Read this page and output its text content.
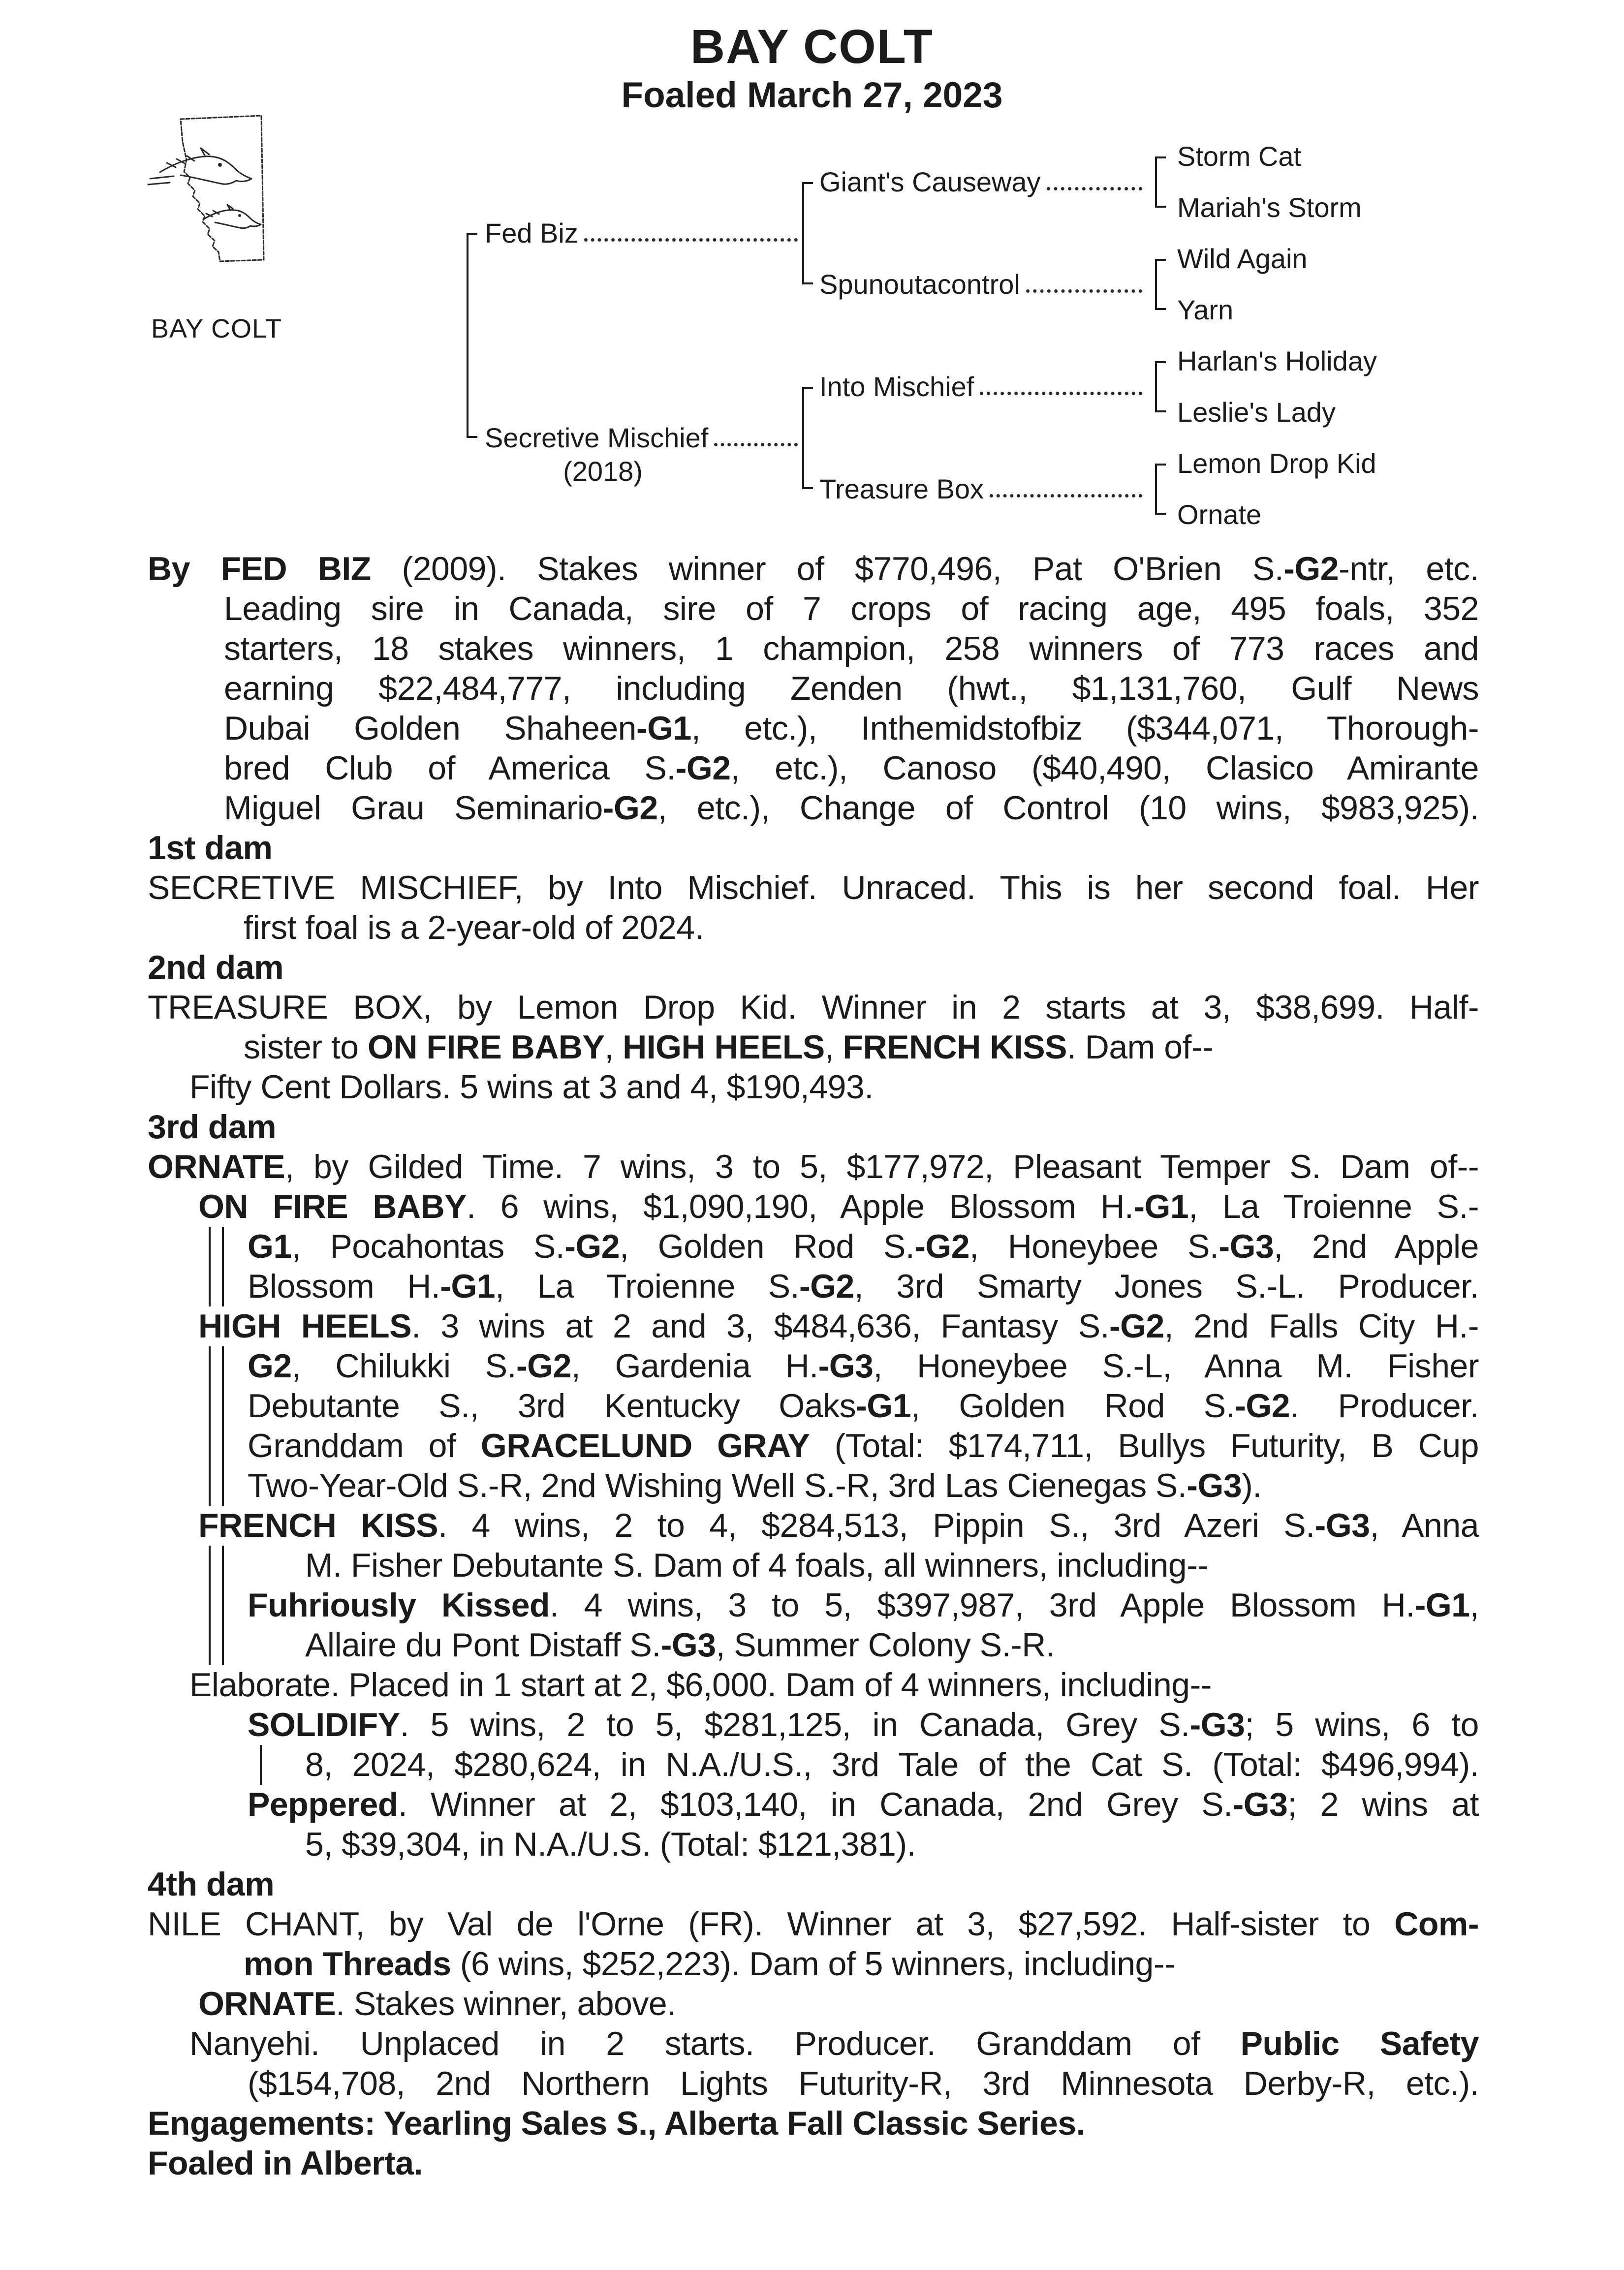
BAY COLT
Foaled March 27, 2023
BAY COLT
Fed Biz
Secretive Mischief
(2018)
Giant's Causeway
Spunoutacontrol
Into Mischief
Treasure Box
Storm Cat
Mariah's Storm
Wild Again
Yarn
Harlan's Holiday
Leslie's Lady
Lemon Drop Kid
Ornate
By FED BIZ (2009). Stakes winner of $770,496, Pat O'Brien S.-G2-ntr, etc.
Leading sire in Canada, sire of 7 crops of racing age, 495 foals, 352
starters, 18 stakes winners, 1 champion, 258 winners of 773 races and
earning $22,484,777, including Zenden (hwt., $1,131,760, Gulf News
Dubai Golden Shaheen-G1, etc.), Inthemidstofbiz ($344,071, Thorough-
bred Club of America S.-G2, etc.), Canoso ($40,490, Clasico Amirante
Miguel Grau Seminario-G2, etc.), Change of Control (10 wins, $983,925).
1st dam
SECRETIVE MISCHIEF, by Into Mischief. Unraced. This is her second foal. Her
first foal is a 2-year-old of 2024.
2nd dam
TREASURE BOX, by Lemon Drop Kid. Winner in 2 starts at 3, $38,699. Half-
sister to ON FIRE BABY, HIGH HEELS, FRENCH KISS. Dam of--
Fifty Cent Dollars. 5 wins at 3 and 4, $190,493.
3rd dam
ORNATE, by Gilded Time. 7 wins, 3 to 5, $177,972, Pleasant Temper S. Dam of--
ON FIRE BABY. 6 wins, $1,090,190, Apple Blossom H.-G1, La Troienne S.-
G1, Pocahontas S.-G2, Golden Rod S.-G2, Honeybee S.-G3, 2nd Apple
Blossom H.-G1, La Troienne S.-G2, 3rd Smarty Jones S.-L. Producer.
HIGH HEELS. 3 wins at 2 and 3, $484,636, Fantasy S.-G2, 2nd Falls City H.-
G2, Chilukki S.-G2, Gardenia H.-G3, Honeybee S.-L, Anna M. Fisher
Debutante S., 3rd Kentucky Oaks-G1, Golden Rod S.-G2. Producer.
Granddam of GRACELUND GRAY (Total: $174,711, Bullys Futurity, B Cup
Two-Year-Old S.-R, 2nd Wishing Well S.-R, 3rd Las Cienegas S.-G3).
FRENCH KISS. 4 wins, 2 to 4, $284,513, Pippin S., 3rd Azeri S.-G3, Anna
M. Fisher Debutante S. Dam of 4 foals, all winners, including--
Fuhriously Kissed. 4 wins, 3 to 5, $397,987, 3rd Apple Blossom H.-G1,
Allaire du Pont Distaff S.-G3, Summer Colony S.-R.
Elaborate. Placed in 1 start at 2, $6,000. Dam of 4 winners, including--
SOLIDIFY. 5 wins, 2 to 5, $281,125, in Canada, Grey S.-G3; 5 wins, 6 to
8, 2024, $280,624, in N.A./U.S., 3rd Tale of the Cat S. (Total: $496,994).
Peppered. Winner at 2, $103,140, in Canada, 2nd Grey S.-G3; 2 wins at
5, $39,304, in N.A./U.S. (Total: $121,381).
4th dam
NILE CHANT, by Val de l'Orne (FR). Winner at 3, $27,592. Half-sister to Com-
mon Threads (6 wins, $252,223). Dam of 5 winners, including--
ORNATE. Stakes winner, above.
Nanyehi. Unplaced in 2 starts. Producer. Granddam of Public Safety
($154,708, 2nd Northern Lights Futurity-R, 3rd Minnesota Derby-R, etc.).
Engagements: Yearling Sales S., Alberta Fall Classic Series.
Foaled in Alberta.
